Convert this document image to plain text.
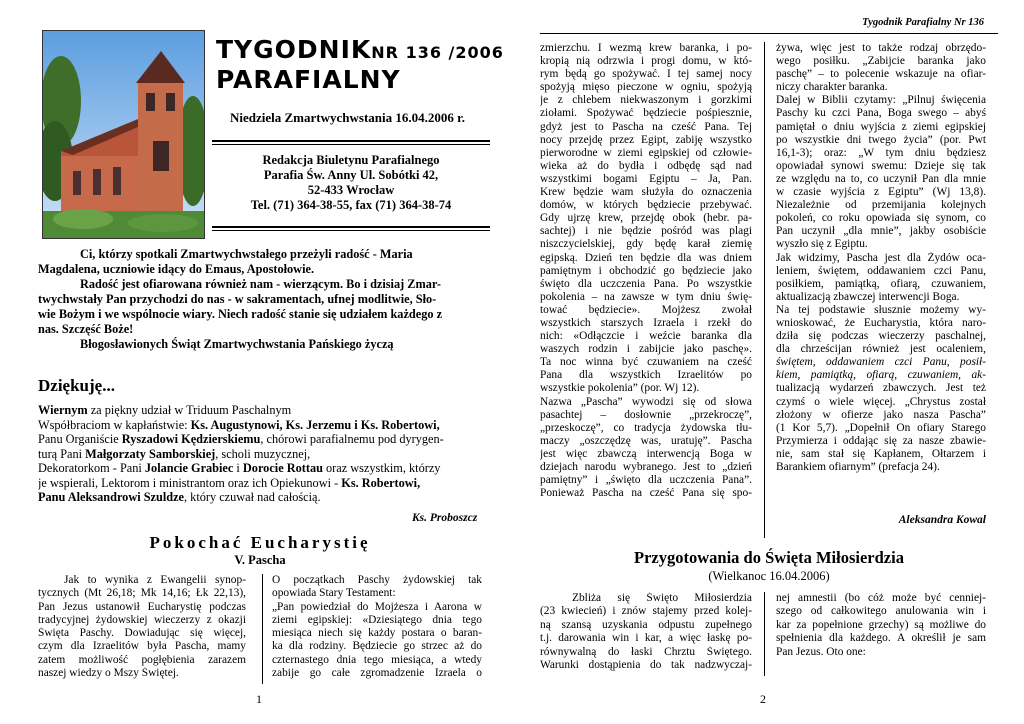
TYGODNIKNR 136 /2006
PARAFIALNY
Niedziela Zmartwychwstania 16.04.2006 r.
Redakcja Biuletynu Parafialnego
Parafia Św. Anny Ul. Sobótki 42,
52-433 Wrocław
Tel. (71) 364-38-55, fax (71) 364-38-74
Ci, którzy spotkali Zmartwychwstałego przeżyli radość - Maria
Magdalena, uczniowie idący do Emaus, Apostołowie.
Radość jest ofiarowana również nam - wierzącym. Bo i dzisiaj Zmar-
twychwstały Pan przychodzi do nas - w sakramentach, ufnej modlitwie, Sło-
wie Bożym i we wspólnocie wiary. Niech radość stanie się udziałem każdego z
nas. Szczęść Boże!
Błogosławionych Świąt Zmartwychwstania Pańskiego życzą
Dziękuję...
Wiernym za piękny udział w Triduum Paschalnym
Współbraciom w kapłaństwie: Ks. Augustynowi, Ks. Jerzemu i Ks. Robertowi,
Panu Organiście Ryszadowi Kędzierskiemu, chórowi parafialnemu pod dyrygen-
turą Pani Małgorzaty Samborskiej, scholi muzycznej,
Dekoratorkom - Pani Jolancie Grabiec i Dorocie Rottau oraz wszystkim, którzy
je wspierali, Lektorom i ministrantom oraz ich Opiekunowi - Ks. Robertowi,
Panu Aleksandrowi Szuldze, który czuwał nad całością.
Ks. Proboszcz
Pokochać Eucharystię
V. Pascha
Jak to wynika z Ewangelii synop-
tycznych (Mt 26,18; Mk 14,16; Łk 22,13),
Pan Jezus ustanowił Eucharystię podczas
tradycyjnej żydowskiej wieczerzy z okazji
Święta Paschy. Dowiadując się więcej,
czym dla Izraelitów była Pascha, mamy
zatem możliwość pogłębienia zarazem
naszej wiedzy o Mszy Świętej.
O początkach Paschy żydowskiej tak
opowiada Stary Testament:
„Pan powiedział do Mojżesza i Aarona w
ziemi egipskiej: «Dziesiątego dnia tego
miesiąca niech się każdy postara o baran-
ka dla rodziny. Będziecie go strzec aż do
czternastego dnia tego miesiąca, a wtedy
zabije go całe zgromadzenie Izraela o
1
Tygodnik Parafialny Nr 136
zmierzchu. I wezmą krew baranka, i po-
kropią nią odrzwia i progi domu, w któ-
rym będą go spożywać. I tej samej nocy
spożyją mięso pieczone w ogniu, spożyją
je z chlebem niekwaszonym i gorzkimi
ziołami. Spożywać będziecie pośpiesznie,
gdyż jest to Pascha na cześć Pana. Tej
nocy przejdę przez Egipt, zabiję wszystko
pierworodne w ziemi egipskiej od człowie-
wieka aż do bydła i odbędę sąd nad
wszystkimi bogami Egiptu – Ja, Pan.
Krew będzie wam służyła do oznaczenia
domów, w których będziecie przebywać.
Gdy ujrzę krew, przejdę obok (hebr. pa-
sachtej) i nie będzie pośród was plagi
niszczycielskiej, gdy będę karał ziemię
egipską. Dzień ten będzie dla was dniem
pamiętnym i obchodzić go będziecie jako
święto dla uczczenia Pana. Po wszystkie
pokolenia – na zawsze w tym dniu świę-
tować będziecie». Mojżesz zwołał
wszystkich starszych Izraela i rzekł do
nich: «Odłączcie i weźcie baranka dla
waszych rodzin i zabijcie jako paschę».
Ta noc winna być czuwaniem na cześć
Pana dla wszystkich Izraelitów po
wszystkie pokolenia” (por. Wj 12).
Nazwa „Pascha” wywodzi się od słowa
pasachtej – dosłownie „przekroczę”,
„przeskoczę”, co tradycja żydowska tłu-
maczy „oszczędzę was, uratuję”. Pascha
jest więc zbawczą interwencją Boga w
dziejach narodu wybranego. Jest to „dzień
pamiętny” i „święto dla uczczenia Pana”.
Ponieważ Pascha na cześć Pana się spo-
żywa, więc jest to także rodzaj obrzędo-
wego posiłku. „Zabijcie baranka jako
paschę” – to polecenie wskazuje na ofiar-
niczy charakter baranka.
Dalej w Biblii czytamy: „Pilnuj święcenia
Paschy ku czci Pana, Boga swego – abyś
pamiętał o dniu wyjścia z ziemi egipskiej
po wszystkie dni twego życia” (por. Pwt
16,1-3); oraz: „W tym dniu będziesz
opowiadał synowi swemu: Dzieje się tak
ze względu na to, co uczynił Pan dla mnie
w czasie wyjścia z Egiptu” (Wj 13,8).
Niezależnie od przemijania kolejnych
pokoleń, co roku opowiada się synom, co
Pan uczynił „dla mnie”, jakby osobiście
wyszło się z Egiptu.
Jak widzimy, Pascha jest dla Żydów oca-
leniem, świętem, oddawaniem czci Panu,
posiłkiem, pamiątką, ofiarą, czuwaniem,
aktualizacją zbawczej interwencji Boga.
Na tej podstawie słusznie możemy wy-
wnioskować, że Eucharystia, która naro-
dziła się podczas wieczerzy paschalnej,
dla chrześcijan również jest ocaleniem,
świętem, oddawaniem czci Panu, posił-
kiem, pamiątką, ofiarą, czuwaniem, ak-
tualizacją wydarzeń zbawczych. Jest też
czymś o wiele więcej. „Chrystus został
złożony w ofierze jako nasza Pascha”
(1 Kor 5,7). „Dopełnił On ofiary Starego
Przymierza i oddając się za nasze zbawie-
nie, sam stał się Kapłanem, Ołtarzem i
Barankiem ofiarnym” (prefacja 24).
Aleksandra Kowal
Przygotowania do Święta Miłosierdzia
(Wielkanoc 16.04.2006)
Zbliża się Święto Miłosierdzia
(23 kwiecień) i znów stajemy przed kolej-
ną szansą uzyskania odpustu zupełnego
t.j. darowania win i kar, a więc łaskę po-
równywalną do łaski Chrztu Świętego.
Warunki dostąpienia do tak nadzwyczaj-
nej amnestii (bo cóż może być cenniej-
szego od całkowitego anulowania win i
kar za popełnione grzechy) są możliwe do
spełnienia dla każdego. A określił je sam
Pan Jezus. Oto one:
2
